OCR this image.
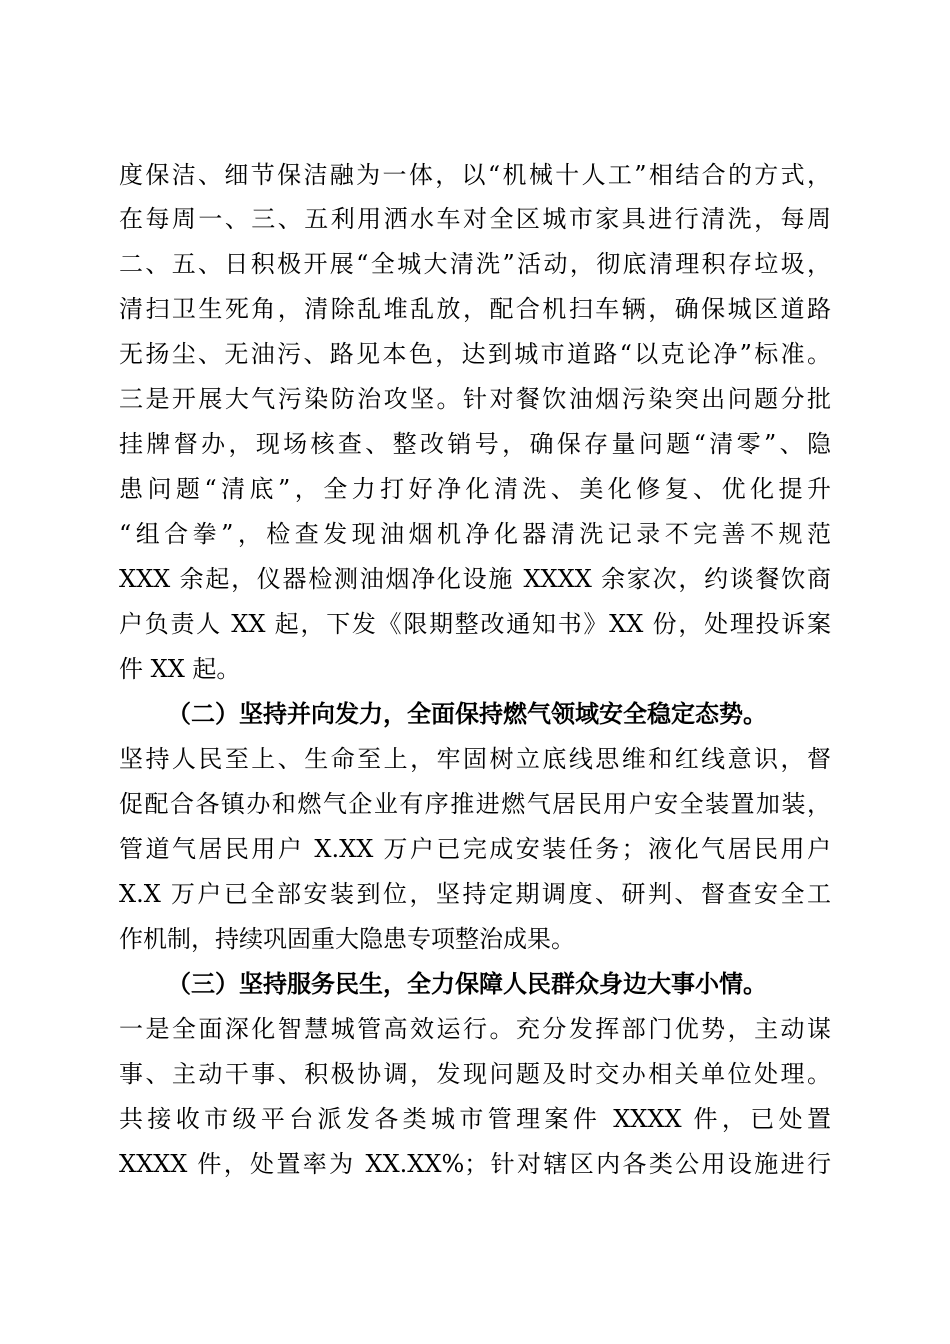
度保洁、细节保洁融为一体，以“机械十人工”相结合的方式，
在每周一、三、五利用洒水车对全区城市家具进行清洗，每周
二、五、日积极开展“全城大清洗”活动，彻底清理积存垃圾，
清扫卫生死角，清除乱堆乱放，配合机扫车辆，确保城区道路
无扬尘、无油污、路见本色，达到城市道路“以克论净”标准。
三是开展大气污染防治攻坚。针对餐饮油烟污染突出问题分批
挂牌督办，现场核查、整改销号，确保存量问题“清零”、隐
患问题“清底”，全力打好净化清洗、美化修复、优化提升
“组合拳”，检查发现油烟机净化器清洗记录不完善不规范
XXX 余起，仪器检测油烟净化设施 XXXX 余家次，约谈餐饮商
户负责人 XX 起，下发《限期整改通知书》XX 份，处理投诉案
件 XX 起。
（二）坚持并向发力，全面保持燃气领域安全稳定态势。
坚持人民至上、生命至上，牢固树立底线思维和红线意识，督
促配合各镇办和燃气企业有序推进燃气居民用户安全装置加装，
管道气居民用户 X.XX 万户已完成安装任务；液化气居民用户
X.X 万户已全部安装到位，坚持定期调度、研判、督查安全工
作机制，持续巩固重大隐患专项整治成果。
（三）坚持服务民生，全力保障人民群众身边大事小情。
一是全面深化智慧城管高效运行。充分发挥部门优势，主动谋
事、主动干事、积极协调，发现问题及时交办相关单位处理。
共接收市级平台派发各类城市管理案件 XXXX 件，已处置
XXXX 件，处置率为 XX.XX%；针对辖区内各类公用设施进行
